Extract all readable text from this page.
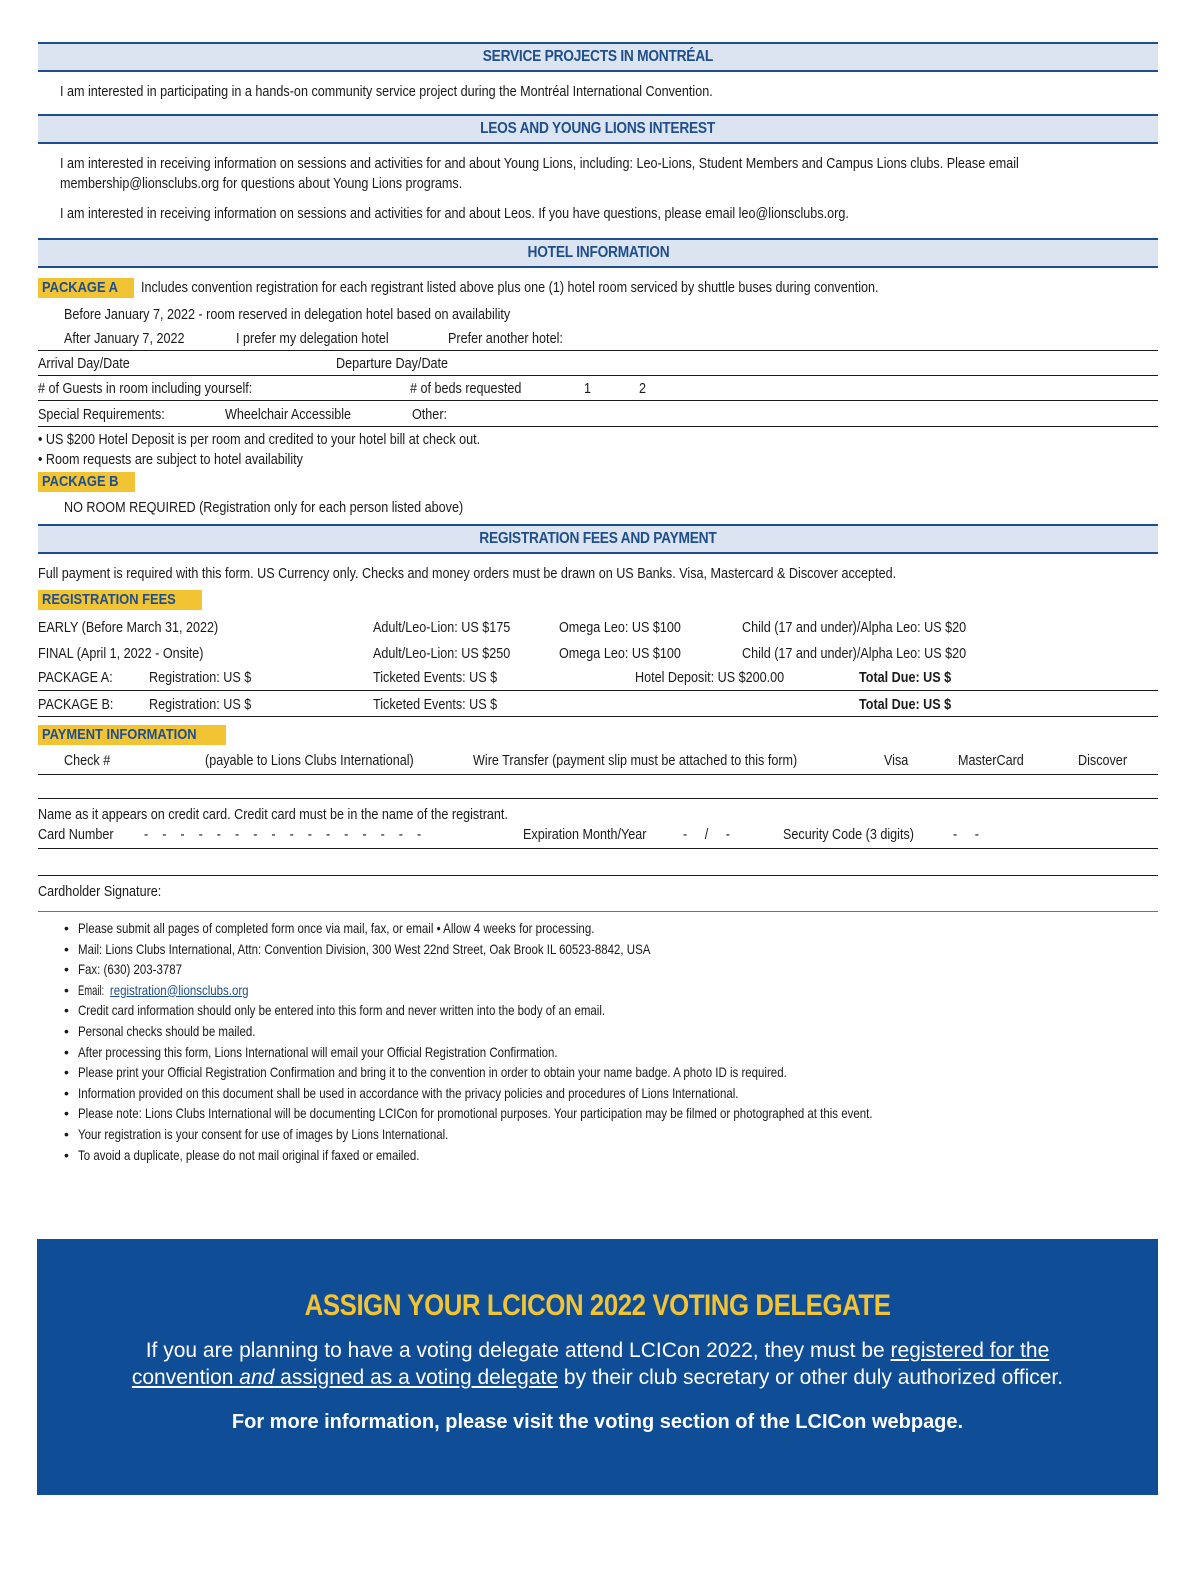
SERVICE PROJECTS IN MONTRÉAL
I am interested in participating in a hands-on community service project during the Montréal International Convention.
LEOS AND YOUNG LIONS INTEREST
I am interested in receiving information on sessions and activities for and about Young Lions, including: Leo-Lions, Student Members and Campus Lions clubs. Please email
membership@lionsclubs.org for questions about Young Lions programs.
I am interested in receiving information on sessions and activities for and about Leos. If you have questions, please email leo@lionsclubs.org.
HOTEL INFORMATION
PACKAGE A Includes convention registration for each registrant listed above plus one (1) hotel room serviced by shuttle buses during convention.
Before January 7, 2022 - room reserved in delegation hotel based on availability
After January 7, 2022	I prefer my delegation hotel	Prefer another hotel:
Arrival Day/Date	Departure Day/Date
# of Guests in room including yourself:	# of beds requested	1	2
Special Requirements:	Wheelchair Accessible	Other:
• US $200 Hotel Deposit is per room and credited to your hotel bill at check out.
• Room requests are subject to hotel availability
PACKAGE B
NO ROOM REQUIRED (Registration only for each person listed above)
REGISTRATION FEES AND PAYMENT
Full payment is required with this form. US Currency only. Checks and money orders must be drawn on US Banks. Visa, Mastercard & Discover accepted.
REGISTRATION FEES
EARLY (Before March 31, 2022)	Adult/Leo-Lion: US $175	Omega Leo: US $100	Child (17 and under)/Alpha Leo: US $20
FINAL (April 1, 2022 - Onsite)	Adult/Leo-Lion: US $250	Omega Leo: US $100	Child (17 and under)/Alpha Leo: US $20
PACKAGE A: Registration: US $	Ticketed Events: US $	Hotel Deposit: US $200.00	Total Due: US $
PACKAGE B: Registration: US $	Ticketed Events: US $	Total Due: US $
PAYMENT INFORMATION
Check #	(payable to Lions Clubs International)	Wire Transfer (payment slip must be attached to this form)	Visa	MasterCard	Discover
Name as it appears on credit card. Credit card must be in the name of the registrant.
Card Number -    -    -    -    -    -    -    -    -    -    -    -    -    -    -    -	Expiration Month/Year -     /     -	Security Code (3 digits)	-     -
Cardholder Signature:
• Please submit all pages of completed form once via mail, fax, or email • Allow 4 weeks for processing.
• Mail: Lions Clubs International, Attn: Convention Division, 300 West 22nd Street, Oak Brook IL 60523-8842, USA
• Fax: (630) 203-3787
• Email:registration@lionsclubs.org
• Credit card information should only be entered into this form and never written into the body of an email.
• Personal checks should be mailed.
• After processing this form, Lions International will email your Official Registration Confirmation.
• Please print your Official Registration Confirmation and bring it to the convention in order to obtain your name badge. A photo ID is required.
• Information provided on this document shall be used in accordance with the privacy policies and procedures of Lions International.
• Please note: Lions Clubs International will be documenting LCICon for promotional purposes. Your participation may be filmed or photographed at this event.
• Your registration is your consent for use of images by Lions International.
• To avoid a duplicate, please do not mail original if faxed or emailed.
ASSIGN YOUR LCICON 2022 VOTING DELEGATE
If you are planning to have a voting delegate attend LCICon 2022, they must be registered for the
convention and assigned as a voting delegate by their club secretary or other duly authorized officer.
For more information, please visit the voting section of the LCICon webpage.
